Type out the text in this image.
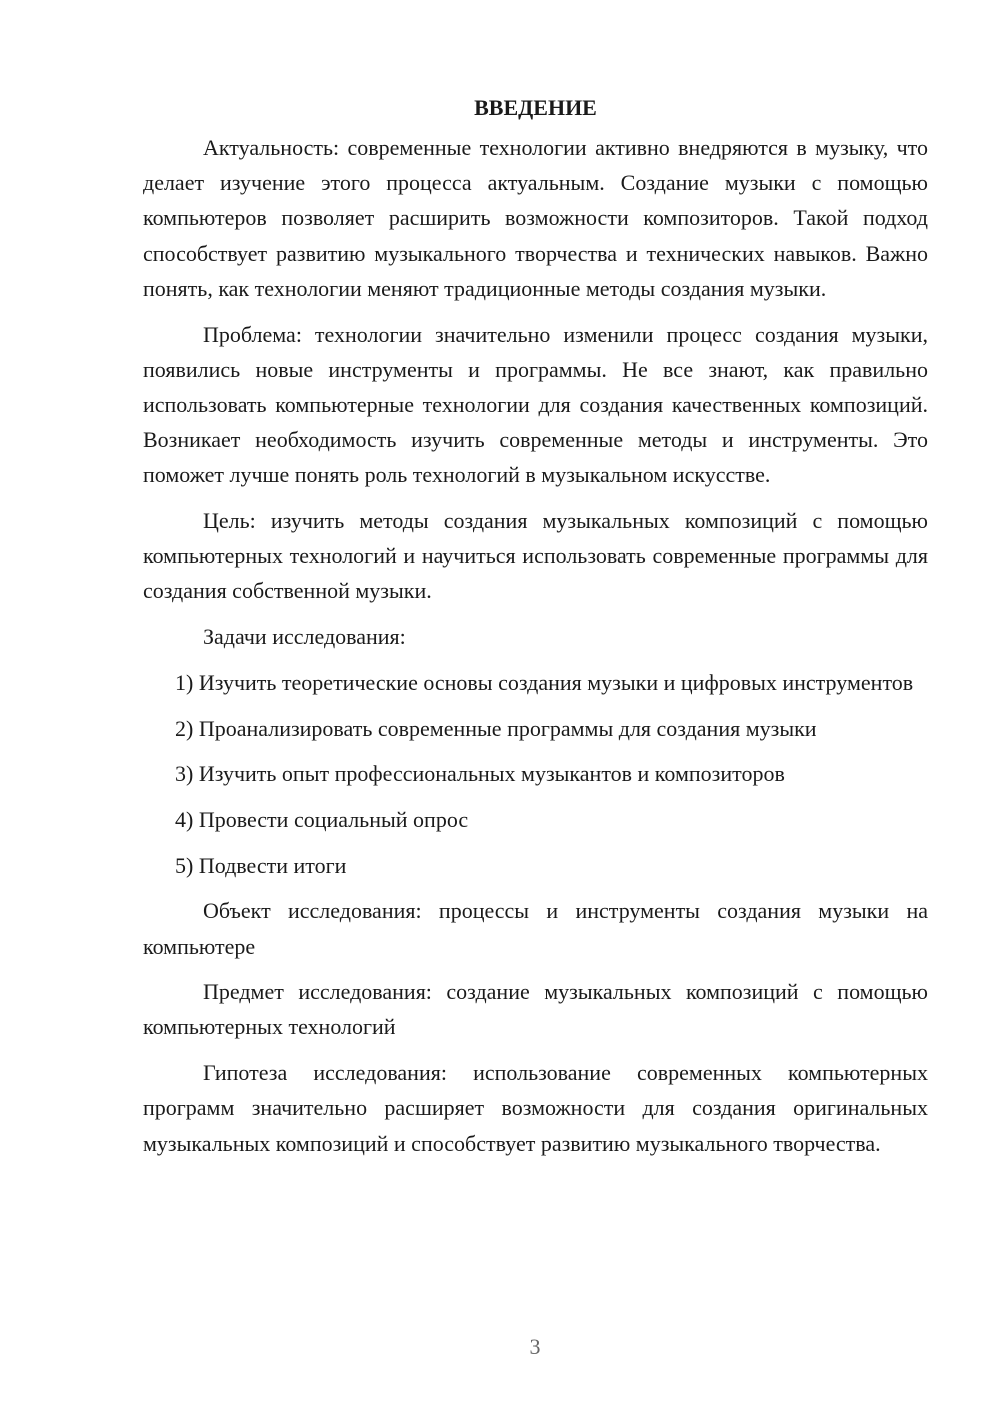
ВВЕДЕНИЕ

Актуальность: современные технологии активно внедряются в музыку, что делает изучение этого процесса актуальным. Создание музыки с помощью компьютеров позволяет расширить возможности композиторов. Такой подход способствует развитию музыкального творчества и технических навыков. Важно понять, как технологии меняют традиционные методы создания музыки.

Проблема: технологии значительно изменили процесс создания музыки, появились новые инструменты и программы. Не все знают, как правильно использовать компьютерные технологии для создания качественных композиций. Возникает необходимость изучить современные методы и инструменты. Это поможет лучше понять роль технологий в музыкальном искусстве.

Цель: изучить методы создания музыкальных композиций с помощью компьютерных технологий и научиться использовать современные программы для создания собственной музыки.

Задачи исследования:

1) Изучить теоретические основы создания музыки и цифровых инструментов

2) Проанализировать современные программы для создания музыки

3) Изучить опыт профессиональных музыкантов и композиторов

4) Провести социальный опрос

5) Подвести итоги

Объект исследования: процессы и инструменты создания музыки на компьютере

Предмет исследования: создание музыкальных композиций с помощью компьютерных технологий

Гипотеза исследования: использование современных компьютерных программ значительно расширяет возможности для создания оригинальных музыкальных композиций и способствует развитию музыкального творчества.

3
